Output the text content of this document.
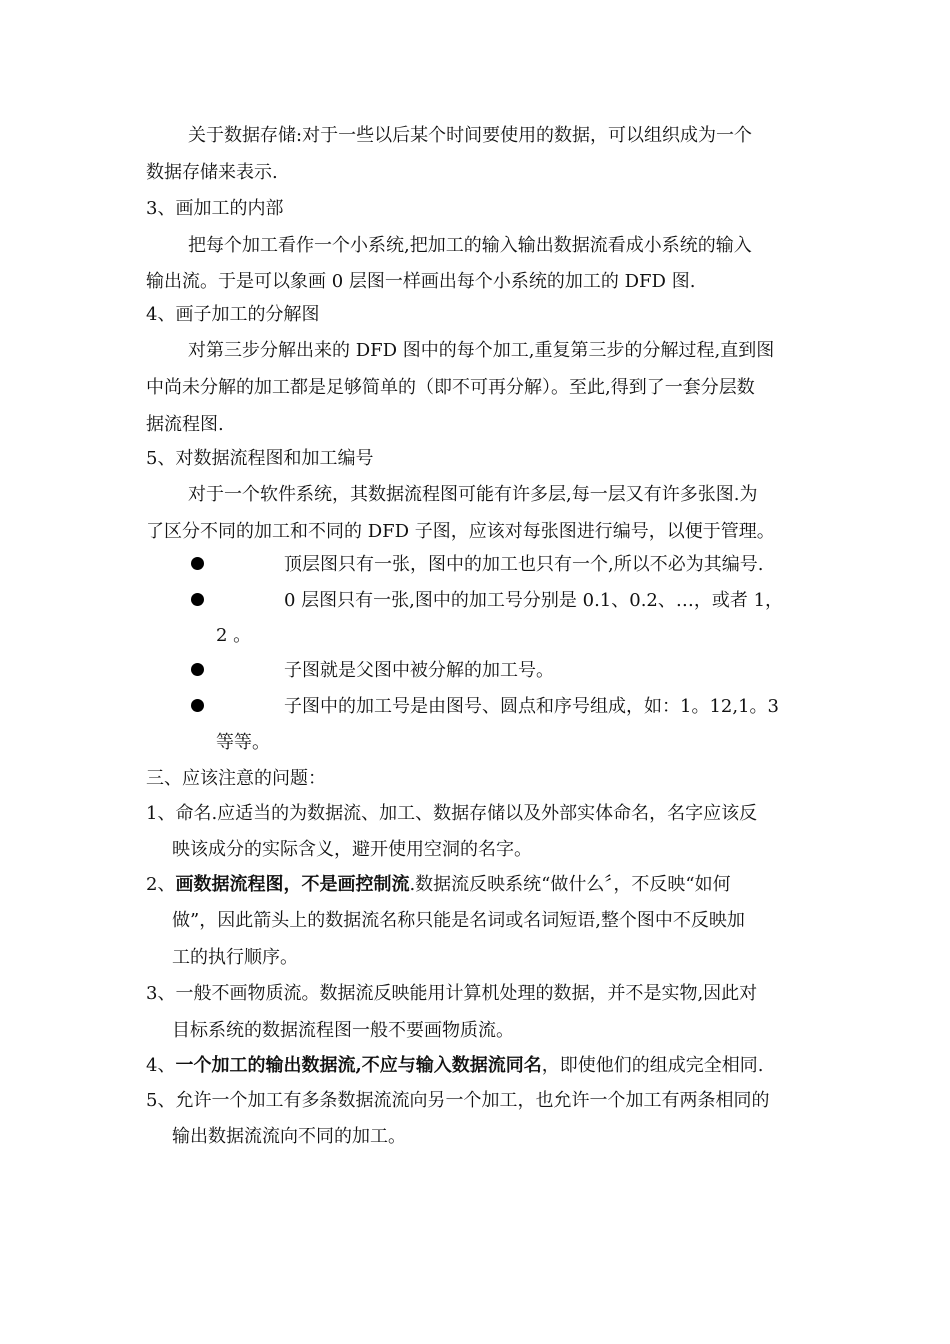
关于数据存储:对于一些以后某个时间要使用的数据，可以组织成为一个
数据存储来表示.
3、画加工的内部
把每个加工看作一个小系统,把加工的输入输出数据流看成小系统的输入
输出流。于是可以象画 0 层图一样画出每个小系统的加工的 DFD 图.
4、画子加工的分解图
对第三步分解出来的 DFD 图中的每个加工,重复第三步的分解过程,直到图
中尚未分解的加工都是足够简单的（即不可再分解）。至此,得到了一套分层数
据流程图.
5、对数据流程图和加工编号
对于一个软件系统，其数据流程图可能有许多层,每一层又有许多张图.为
了区分不同的加工和不同的 DFD 子图，应该对每张图进行编号，以便于管理。
顶层图只有一张，图中的加工也只有一个,所以不必为其编号.
0 层图只有一张,图中的加工号分别是 0.1、0.2、…，或者 1，
2 。
子图就是父图中被分解的加工号。
子图中的加工号是由图号、圆点和序号组成，如：1。12,1。3
等等。
三、应该注意的问题：
1、命名.应适当的为数据流、加工、数据存储以及外部实体命名，名字应该反
映该成分的实际含义，避开使用空洞的名字。
2、画数据流程图，不是画控制流.数据流反映系统“做什么〞，不反映“如何
做”，因此箭头上的数据流名称只能是名词或名词短语,整个图中不反映加
工的执行顺序。
3、一般不画物质流。数据流反映能用计算机处理的数据，并不是实物,因此对
目标系统的数据流程图一般不要画物质流。
4、一个加工的输出数据流,不应与输入数据流同名，即使他们的组成完全相同.
5、允许一个加工有多条数据流流向另一个加工，也允许一个加工有两条相同的
输出数据流流向不同的加工。
